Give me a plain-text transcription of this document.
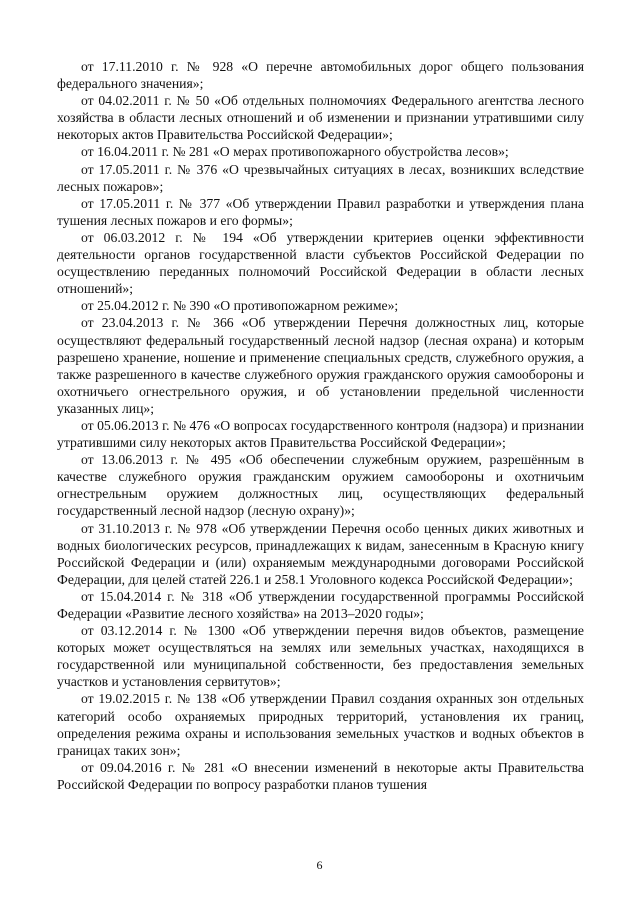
от 17.11.2010 г. № 928 «О перечне автомобильных дорог общего пользования федерального значения»;

от 04.02.2011 г. № 50 «Об отдельных полномочиях Федерального агентства лесного хозяйства в области лесных отношений и об изменении и признании утратившими силу некоторых актов Правительства Российской Федерации»;

от 16.04.2011 г. № 281 «О мерах противопожарного обустройства лесов»;

от 17.05.2011 г. № 376 «О чрезвычайных ситуациях в лесах, возникших вследствие лесных пожаров»;

от 17.05.2011 г. № 377 «Об утверждении Правил разработки и утверждения плана тушения лесных пожаров и его формы»;

от 06.03.2012 г. № 194 «Об утверждении критериев оценки эффективности деятельности органов государственной власти субъектов Российской Федерации по осуществлению переданных полномочий Российской Федерации в области лесных отношений»;

от 25.04.2012 г. № 390 «О противопожарном режиме»;

от 23.04.2013 г. № 366 «Об утверждении Перечня должностных лиц, которые осуществляют федеральный государственный лесной надзор (лесная охрана) и которым разрешено хранение, ношение и применение специальных средств, служебного оружия, а также разрешенного в качестве служебного оружия гражданского оружия самообороны и охотничьего огнестрельного оружия, и об установлении предельной численности указанных лиц»;

от 05.06.2013 г. № 476 «О вопросах государственного контроля (надзора) и признании утратившими силу некоторых актов Правительства Российской Федерации»;

от 13.06.2013 г. № 495 «Об обеспечении служебным оружием, разрешённым в качестве служебного оружия гражданским оружием самообороны и охотничьим огнестрельным оружием должностных лиц, осуществляющих федеральный государственный лесной надзор (лесную охрану)»;

от 31.10.2013 г. № 978 «Об утверждении Перечня особо ценных диких животных и водных биологических ресурсов, принадлежащих к видам, занесенным в Красную книгу Российской Федерации и (или) охраняемым международными договорами Российской Федерации, для целей статей 226.1 и 258.1 Уголовного кодекса Российской Федерации»;

от 15.04.2014 г. № 318 «Об утверждении государственной программы Российской Федерации «Развитие лесного хозяйства» на 2013–2020 годы»;

от 03.12.2014 г. № 1300 «Об утверждении перечня видов объектов, размещение которых может осуществляться на землях или земельных участках, находящихся в государственной или муниципальной собственности, без предоставления земельных участков и установления сервитутов»;

от 19.02.2015 г. № 138 «Об утверждении Правил создания охранных зон отдельных категорий особо охраняемых природных территорий, установления их границ, определения режима охраны и использования земельных участков и водных объектов в границах таких зон»;

от 09.04.2016 г. № 281 «О внесении изменений в некоторые акты Правительства Российской Федерации по вопросу разработки планов тушения

6
